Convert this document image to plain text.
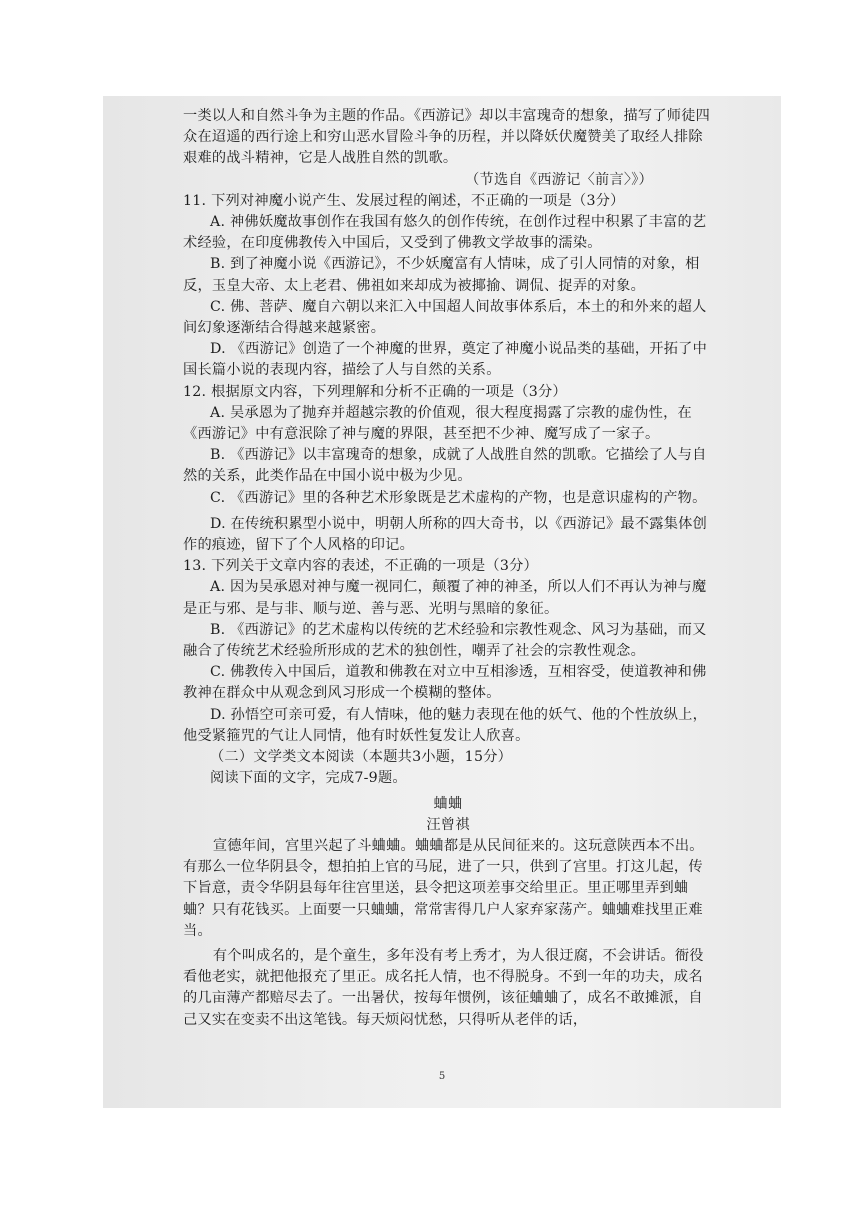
一类以人和自然斗争为主题的作品。《西游记》却以丰富瑰奇的想象，描写了师徒四众在迢遥的西行途上和穷山恶水冒险斗争的历程，并以降妖伏魔赞美了取经人排除艰难的战斗精神，它是人战胜自然的凯歌。

（节选自《西游记〈前言〉》）

11. 下列对神魔小说产生、发展过程的阐述，不正确的一项是（3分）

A. 神佛妖魔故事创作在我国有悠久的创作传统，在创作过程中积累了丰富的艺术经验，在印度佛教传入中国后，又受到了佛教文学故事的濡染。

B. 到了神魔小说《西游记》，不少妖魔富有人情味，成了引人同情的对象，相反，玉皇大帝、太上老君、佛祖如来却成为被揶揄、调侃、捉弄的对象。

C. 佛、菩萨、魔自六朝以来汇入中国超人间故事体系后，本土的和外来的超人间幻象逐渐结合得越来越紧密。

D. 《西游记》创造了一个神魔的世界，奠定了神魔小说品类的基础，开拓了中国长篇小说的表现内容，描绘了人与自然的关系。

12. 根据原文内容，下列理解和分析不正确的一项是（3分）

A. 吴承恩为了抛弃并超越宗教的价值观，很大程度揭露了宗教的虚伪性，在《西游记》中有意泯除了神与魔的界限，甚至把不少神、魔写成了一家子。

B. 《西游记》以丰富瑰奇的想象，成就了人战胜自然的凯歌。它描绘了人与自然的关系，此类作品在中国小说中极为少见。

C. 《西游记》里的各种艺术形象既是艺术虚构的产物，也是意识虚构的产物。

D. 在传统积累型小说中，明朝人所称的四大奇书，以《西游记》最不露集体创作的痕迹，留下了个人风格的印记。

13. 下列关于文章内容的表述，不正确的一项是（3分）

A. 因为吴承恩对神与魔一视同仁，颠覆了神的神圣，所以人们不再认为神与魔是正与邪、是与非、顺与逆、善与恶、光明与黑暗的象征。

B. 《西游记》的艺术虚构以传统的艺术经验和宗教性观念、风习为基础，而又融合了传统艺术经验所形成的艺术的独创性，嘲弄了社会的宗教性观念。

C. 佛教传入中国后，道教和佛教在对立中互相渗透，互相容受，使道教神和佛教神在群众中从观念到风习形成一个模糊的整体。

D. 孙悟空可亲可爱，有人情味，他的魅力表现在他的妖气、他的个性放纵上，他受紧箍咒的气让人同情，他有时妖性复发让人欣喜。

（二）文学类文本阅读（本题共3小题，15分）

阅读下面的文字，完成7-9题。

蛐蛐

汪曾祺

宣德年间，宫里兴起了斗蛐蛐。蛐蛐都是从民间征来的。这玩意陕西本不出。有那么一位华阴县令，想拍拍上官的马屁，进了一只，供到了宫里。打这儿起，传下旨意，责令华阴县每年往宫里送，县令把这项差事交给里正。里正哪里弄到蛐蛐？只有花钱买。上面要一只蛐蛐，常常害得几户人家弃家荡产。蛐蛐难找里正难当。

有个叫成名的，是个童生，多年没有考上秀才，为人很迂腐，不会讲话。衙役看他老实，就把他报充了里正。成名托人情，也不得脱身。不到一年的功夫，成名的几亩薄产都赔尽去了。一出暑伏，按每年惯例，该征蛐蛐了，成名不敢摊派，自己又实在变卖不出这笔钱。每天烦闷忧愁，只得听从老伴的话，

5
